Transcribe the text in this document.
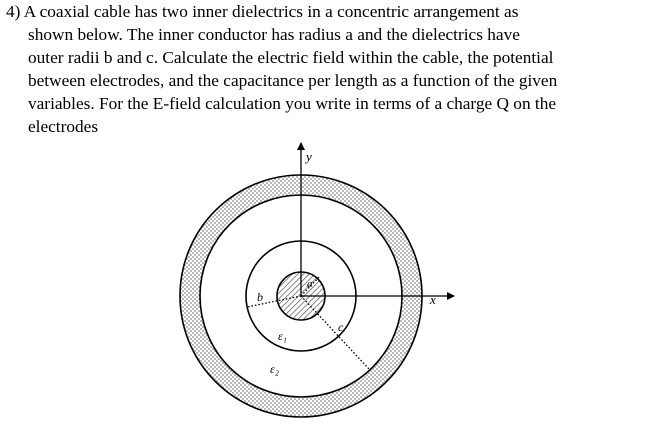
4) A coaxial cable has two inner dielectrics in a concentric arrangement as
shown below. The inner conductor has radius a and the dielectrics have
outer radii b and c. Calculate the electric field within the cable, the potential
between electrodes, and the capacitance per length as a function of the given
variables. For the E-field calculation you write in terms of a charge Q on the
electrodes
y
x
a
b
c
ε₁
ε₂
